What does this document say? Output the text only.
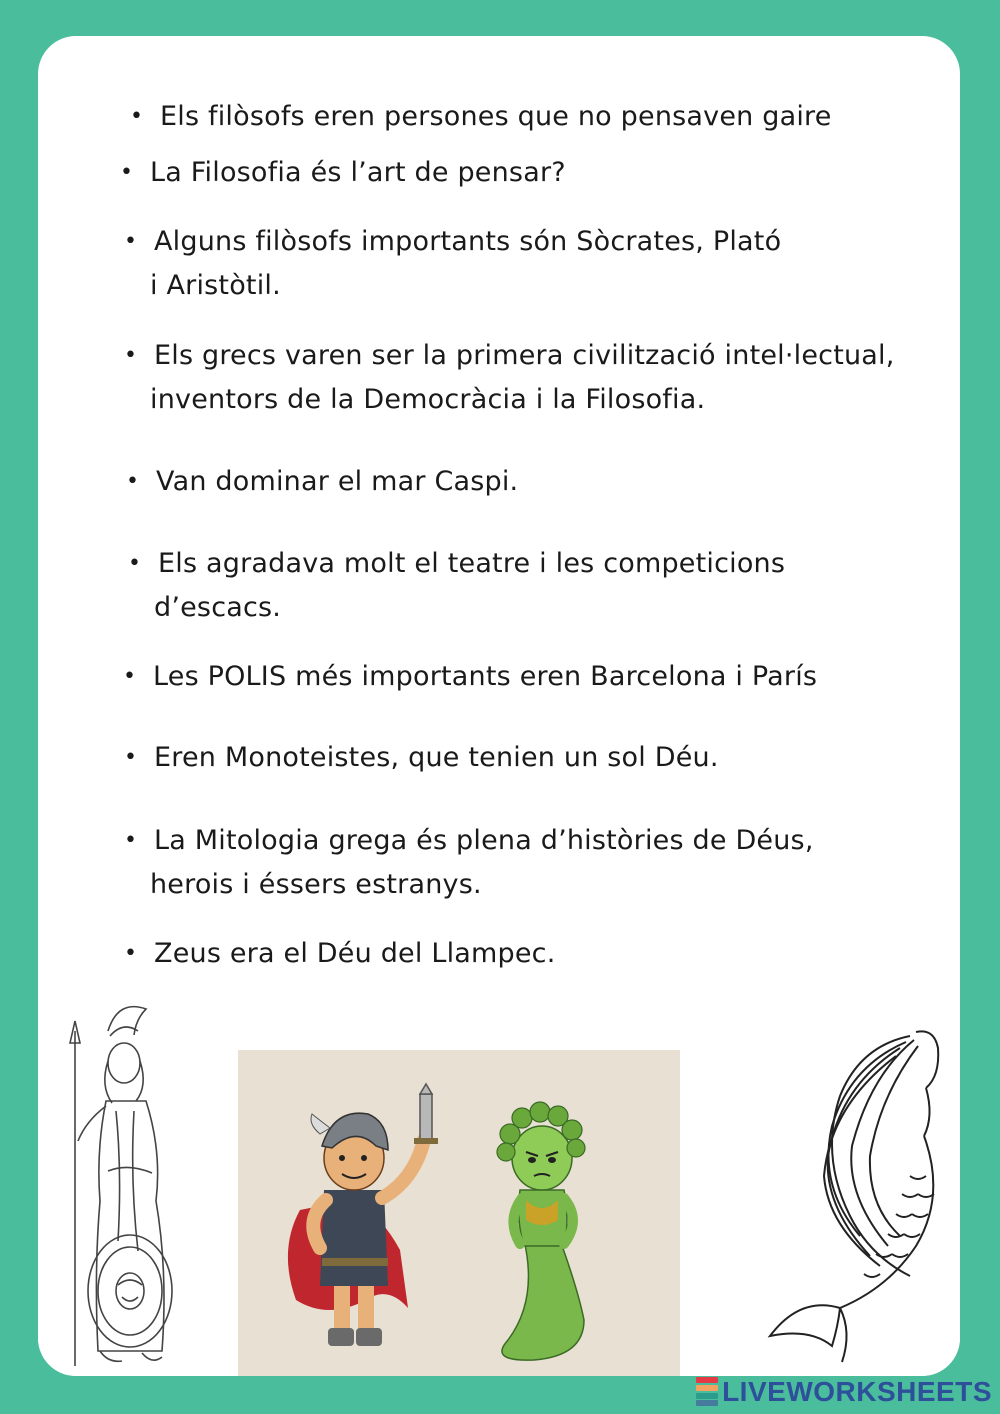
• Els filòsofs eren persones que no pensaven gaire
• La Filosofia és l’art de pensar?
• Alguns filòsofs importants són Sòcrates, Plató
i Aristòtil.
• Els grecs varen ser la primera civilització intel·lectual,
inventors de la Democràcia i la Filosofia.
• Van dominar el mar Caspi.
• Els agradava molt el teatre i les competicions
d’escacs.
• Les POLIS més importants eren Barcelona i París
• Eren Monoteistes, que tenien un sol Déu.
• La Mitologia grega és plena d’històries de Déus,
herois i éssers estranys.
• Zeus era el Déu del Llampec.
LIVEWORKSHEETS
